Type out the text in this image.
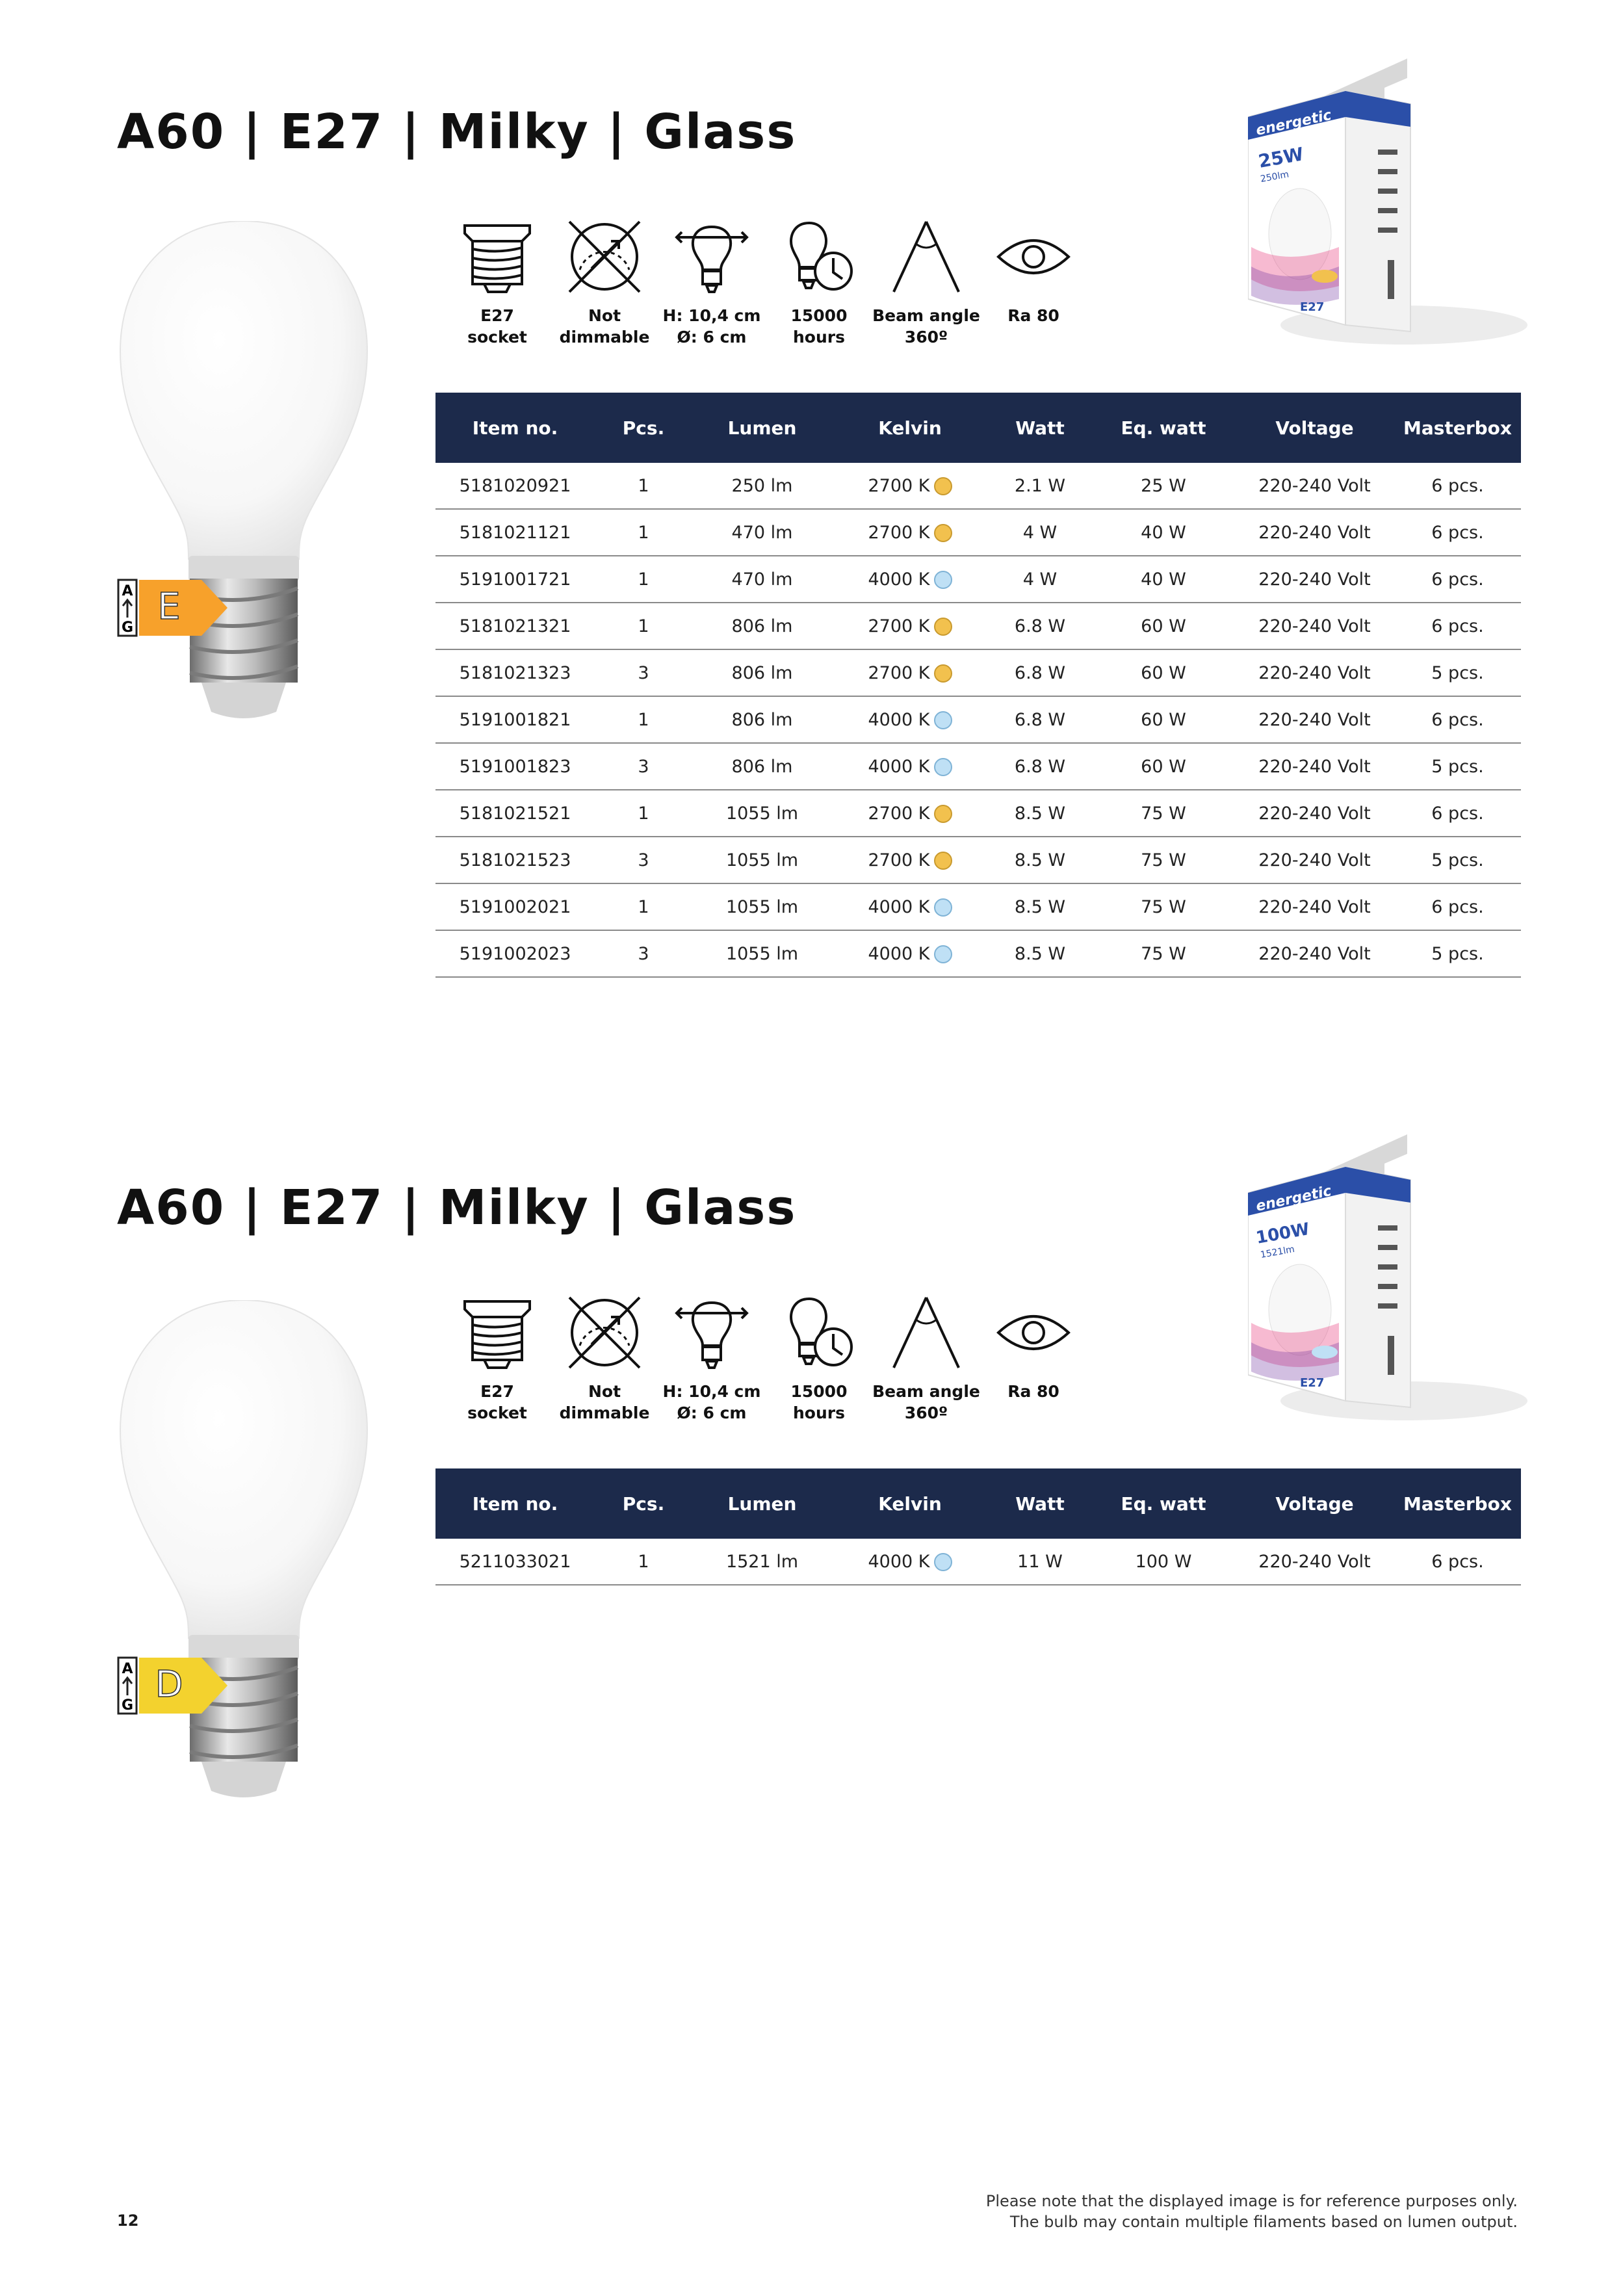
A60 | E27 | Milky | Glass
A
G E
energetic
25W
250lm
E27
E27
socket
Not
dimmable
H: 10,4 cm
Ø: 6 cm
15000
hours
Beam angle
360º
Ra 80
Item no.	Pcs.	Lumen	Kelvin	Watt	Eq. watt	Voltage	Masterbox
5181020921	1	250 lm	2700 K	2.1 W	25 W	220-240 Volt	6 pcs.
5181021121	1	470 lm	2700 K	4 W	40 W	220-240 Volt	6 pcs.
5191001721	1	470 lm	4000 K	4 W	40 W	220-240 Volt	6 pcs.
5181021321	1	806 lm	2700 K	6.8 W	60 W	220-240 Volt	6 pcs.
5181021323	3	806 lm	2700 K	6.8 W	60 W	220-240 Volt	5 pcs.
5191001821	1	806 lm	4000 K	6.8 W	60 W	220-240 Volt	6 pcs.
5191001823	3	806 lm	4000 K	6.8 W	60 W	220-240 Volt	5 pcs.
5181021521	1	1055 lm	2700 K	8.5 W	75 W	220-240 Volt	6 pcs.
5181021523	3	1055 lm	2700 K	8.5 W	75 W	220-240 Volt	5 pcs.
5191002021	1	1055 lm	4000 K	8.5 W	75 W	220-240 Volt	6 pcs.
5191002023	3	1055 lm	4000 K	8.5 W	75 W	220-240 Volt	5 pcs.
A60 | E27 | Milky | Glass
A
G D
energetic
100W
1521lm
E27
E27
socket
Not
dimmable
H: 10,4 cm
Ø: 6 cm
15000
hours
Beam angle
360º
Ra 80
Item no.	Pcs.	Lumen	Kelvin	Watt	Eq. watt	Voltage	Masterbox
5211033021	1	1521 lm	4000 K	11 W	100 W	220-240 Volt	6 pcs.
12
Please note that the displayed image is for reference purposes only.
The bulb may contain multiple filaments based on lumen output.
